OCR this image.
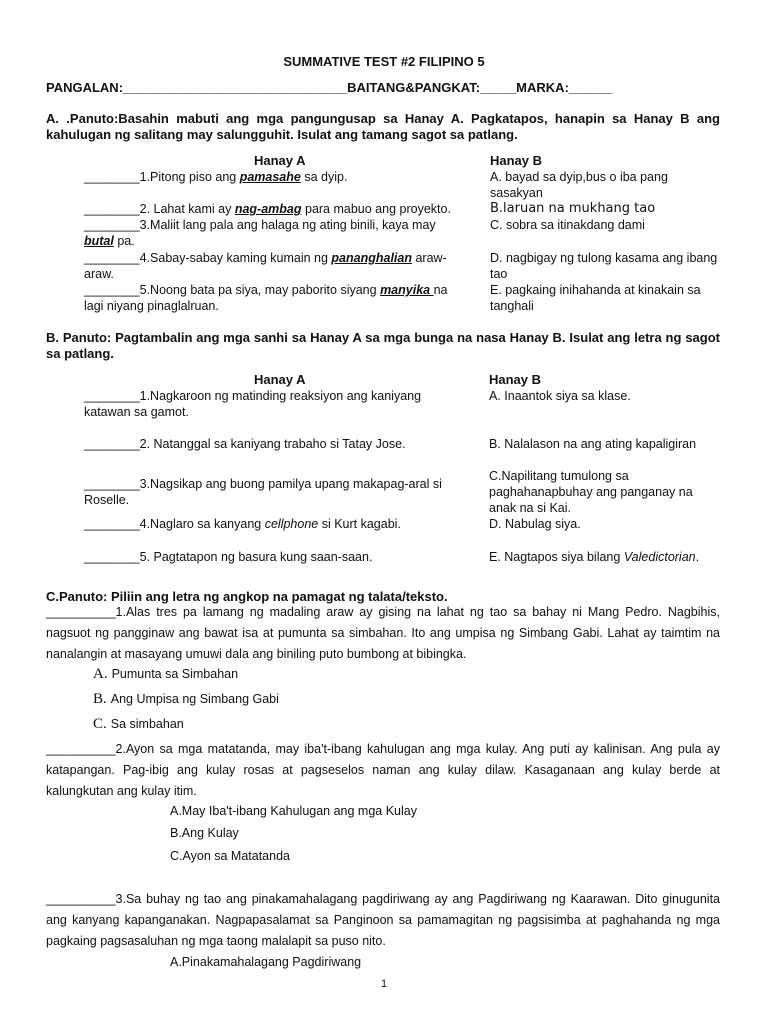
SUMMATIVE TEST #2 FILIPINO 5
PANGALAN:_______________________________BAITANG&PANGKAT:_____MARKA:______
A. .Panuto:Basahin mabuti ang mga pangungusap sa Hanay A. Pagkatapos, hanapin sa Hanay B ang kahulugan ng salitang may salungguhit. Isulat ang tamang sagot sa patlang.
Hanay A	Hanay B
________1.Pitong piso ang pamasahe sa dyip.
________2. Lahat kami ay nag-ambag para mabuo ang proyekto.
________3.Maliit lang pala ang halaga ng ating binili, kaya may butal pa.
________4.Sabay-sabay kaming kumain ng pananghalian araw-araw.
________5.Noong bata pa siya, may paborito siyang manyika na lagi niyang pinaglalruan.
A. bayad sa dyip,bus o iba pang sasakyan
B.laruan na mukhang tao
C. sobra sa itinakdang dami
D. nagbigay ng tulong kasama ang ibang tao
E. pagkaing inihahanda at kinakain sa tanghali
B. Panuto: Pagtambalin ang mga sanhi sa Hanay A sa mga bunga na nasa Hanay B. Isulat ang letra ng sagot sa patlang.
Hanay A	Hanay B
________1.Nagkaroon ng matinding reaksiyon ang kaniyang katawan sa gamot.
________2. Natanggal sa kaniyang trabaho si Tatay Jose.
________3.Nagsikap ang buong pamilya upang makapag-aral si Roselle.
________4.Naglaro sa kanyang cellphone si Kurt kagabi.
________5. Pagtatapon ng basura kung saan-saan.
A. Inaantok siya sa klase.
B. Nalalason na ang ating kapaligiran
C.Napilitang tumulong sa paghahanapbuhay ang panganay na anak na si Kai.
D. Nabulag siya.
E. Nagtapos siya bilang Valedictorian.
C.Panuto: Piliin ang letra ng angkop na pamagat ng talata/teksto.
__________1.Alas tres pa lamang ng madaling araw ay gising na lahat ng tao sa bahay ni Mang Pedro. Nagbihis, nagsuot ng pangginaw ang bawat isa at pumunta sa simbahan. Ito ang umpisa ng Simbang Gabi. Lahat ay taimtim na nanalangin at masayang umuwi dala ang biniling puto bumbong at bibingka.
A. Pumunta sa Simbahan
B. Ang Umpisa ng Simbang Gabi
C. Sa simbahan
__________2.Ayon sa mga matatanda, may iba't-ibang kahulugan ang mga kulay. Ang puti ay kalinisan. Ang pula ay katapangan. Pag-ibig ang kulay rosas at pagseselos naman ang kulay dilaw. Kasaganaan ang kulay berde at kalungkutan ang kulay itim.
A.May Iba't-ibang Kahulugan ang mga Kulay
B.Ang Kulay
C.Ayon sa Matatanda
__________3.Sa buhay ng tao ang pinakamahalagang pagdiriwang ay ang Pagdiriwang ng Kaarawan. Dito ginugunita ang kanyang kapanganakan. Nagpapasalamat sa Panginoon sa pamamagitan ng pagsisimba at paghahanda ng mga pagkaing pagsasaluhan ng mga taong malalapit sa puso nito.
A.Pinakamahalagang Pagdiriwang
1
